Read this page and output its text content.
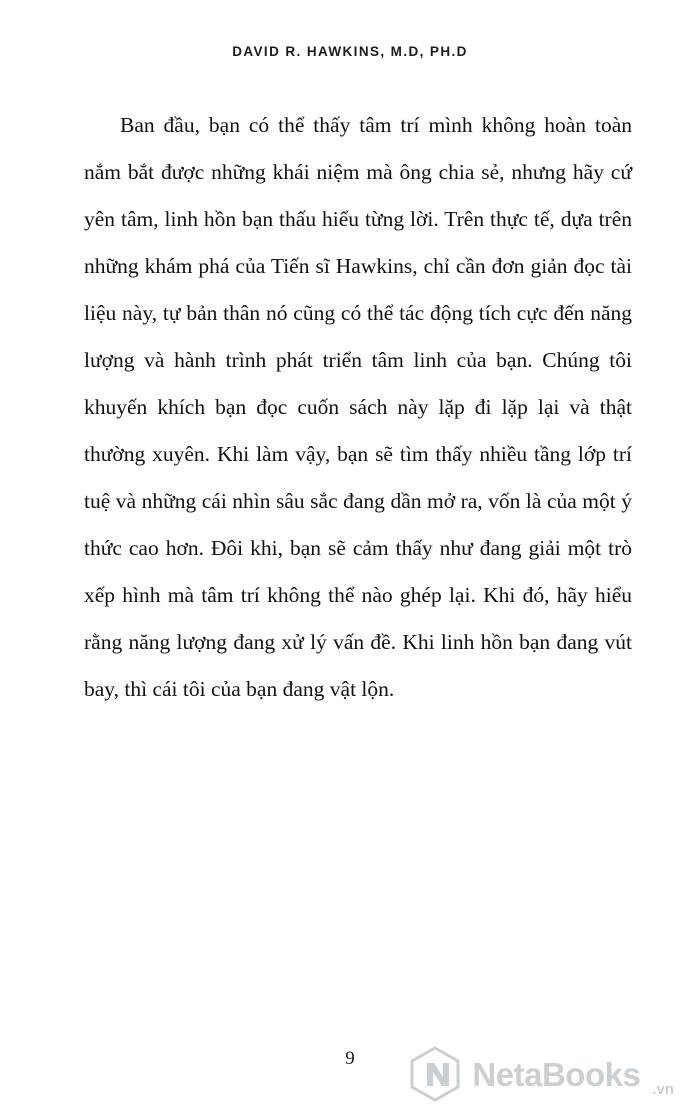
DAVID R. HAWKINS, M.D, PH.D

Ban đầu, bạn có thể thấy tâm trí mình không hoàn toàn nắm bắt được những khái niệm mà ông chia sẻ, nhưng hãy cứ yên tâm, linh hồn bạn thấu hiểu từng lời. Trên thực tế, dựa trên những khám phá của Tiến sĩ Hawkins, chỉ cần đơn giản đọc tài liệu này, tự bản thân nó cũng có thể tác động tích cực đến năng lượng và hành trình phát triển tâm linh của bạn. Chúng tôi khuyến khích bạn đọc cuốn sách này lặp đi lặp lại và thật thường xuyên. Khi làm vậy, bạn sẽ tìm thấy nhiều tầng lớp trí tuệ và những cái nhìn sâu sắc đang dần mở ra, vốn là của một ý thức cao hơn. Đôi khi, bạn sẽ cảm thấy như đang giải một trò xếp hình mà tâm trí không thể nào ghép lại. Khi đó, hãy hiểu rằng năng lượng đang xử lý vấn đề. Khi linh hồn bạn đang vút bay, thì cái tôi của bạn đang vật lộn.

9	NetaBooks .vn
